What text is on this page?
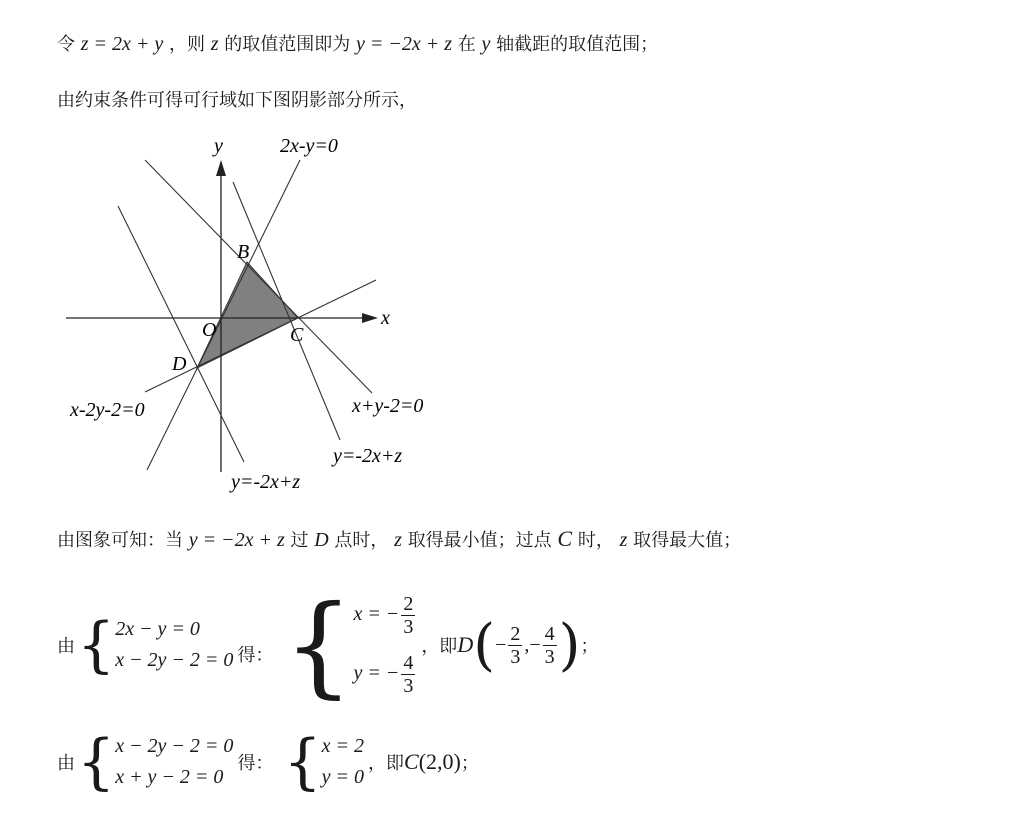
令 z = 2x + y ，则 z 的取值范围即为 y = −2x + z 在 y 轴截距的取值范围；
由约束条件可得可行域如下图阴影部分所示，
y
x
O
B
C
D
2x-y=0
x-2y-2=0	x+y-2=0
y=-2x+z
y=-2x+z
由图象可知：当 y = −2x + z 过 D 点时， z 取得最小值；过点 C 时， z 取得最大值；
由 { 2x − y = 0
x − 2y − 2 = 0 得： { x = − $\frac{2}{3}$
y = − $\frac{4}{3}$
，即 D ( − $\frac{2}{3}$ , − $\frac{4}{3}$ ) ；
由 { x − 2y − 2 = 0
x + y − 2 = 0
得： { x = 2
y = 0
，即 C (2,0) ；
